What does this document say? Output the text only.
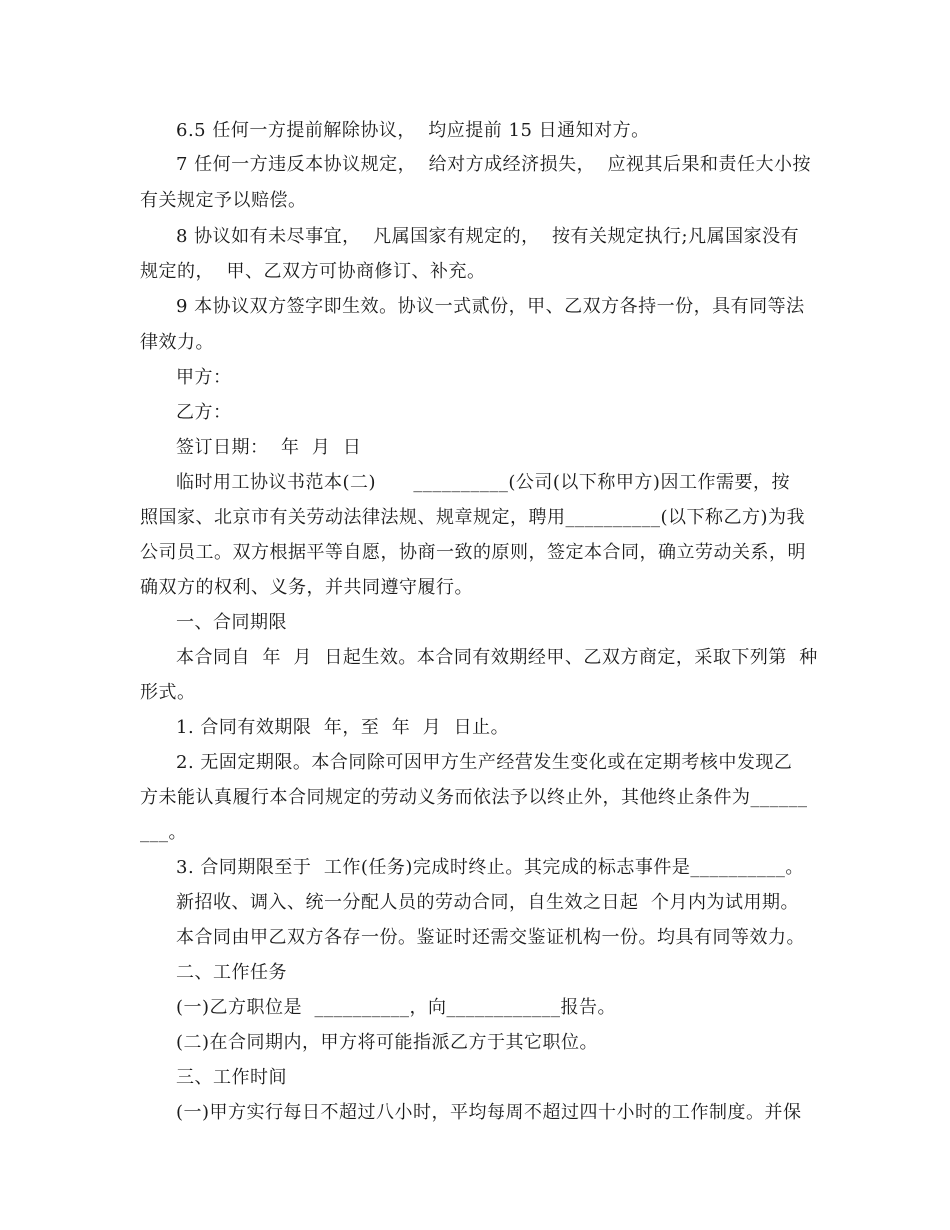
6.5 任何一方提前解除协议，  均应提前 15 日通知对方。
7 任何一方违反本协议规定，  给对方成经济损失，  应视其后果和责任大小按
有关规定予以赔偿。
8 协议如有未尽事宜，  凡属国家有规定的，  按有关规定执行;凡属国家没有
规定的，  甲、乙双方可协商修订、补充。
9 本协议双方签字即生效。协议一式贰份，甲、乙双方各持一份，具有同等法
律效力。
甲方：
乙方：
签订日期：  年  月  日
临时用工协议书范本(二)      __________(公司(以下称甲方)因工作需要，按
照国家、北京市有关劳动法律法规、规章规定，聘用__________(以下称乙方)为我
公司员工。双方根据平等自愿，协商一致的原则，签定本合同，确立劳动关系，明
确双方的权利、义务，并共同遵守履行。
一、合同期限
本合同自  年  月  日起生效。本合同有效期经甲、乙双方商定，采取下列第  种
形式。
1. 合同有效期限  年，至  年  月  日止。
2. 无固定期限。本合同除可因甲方生产经营发生变化或在定期考核中发现乙
方未能认真履行本合同规定的劳动义务而依法予以终止外，其他终止条件为______
___。
3. 合同期限至于  工作(任务)完成时终止。其完成的标志事件是__________。
新招收、调入、统一分配人员的劳动合同，自生效之日起  个月内为试用期。
本合同由甲乙双方各存一份。鉴证时还需交鉴证机构一份。均具有同等效力。
二、工作任务
(一)乙方职位是  __________，向____________报告。
(二)在合同期内，甲方将可能指派乙方于其它职位。
三、工作时间
(一)甲方实行每日不超过八小时，平均每周不超过四十小时的工作制度。并保
